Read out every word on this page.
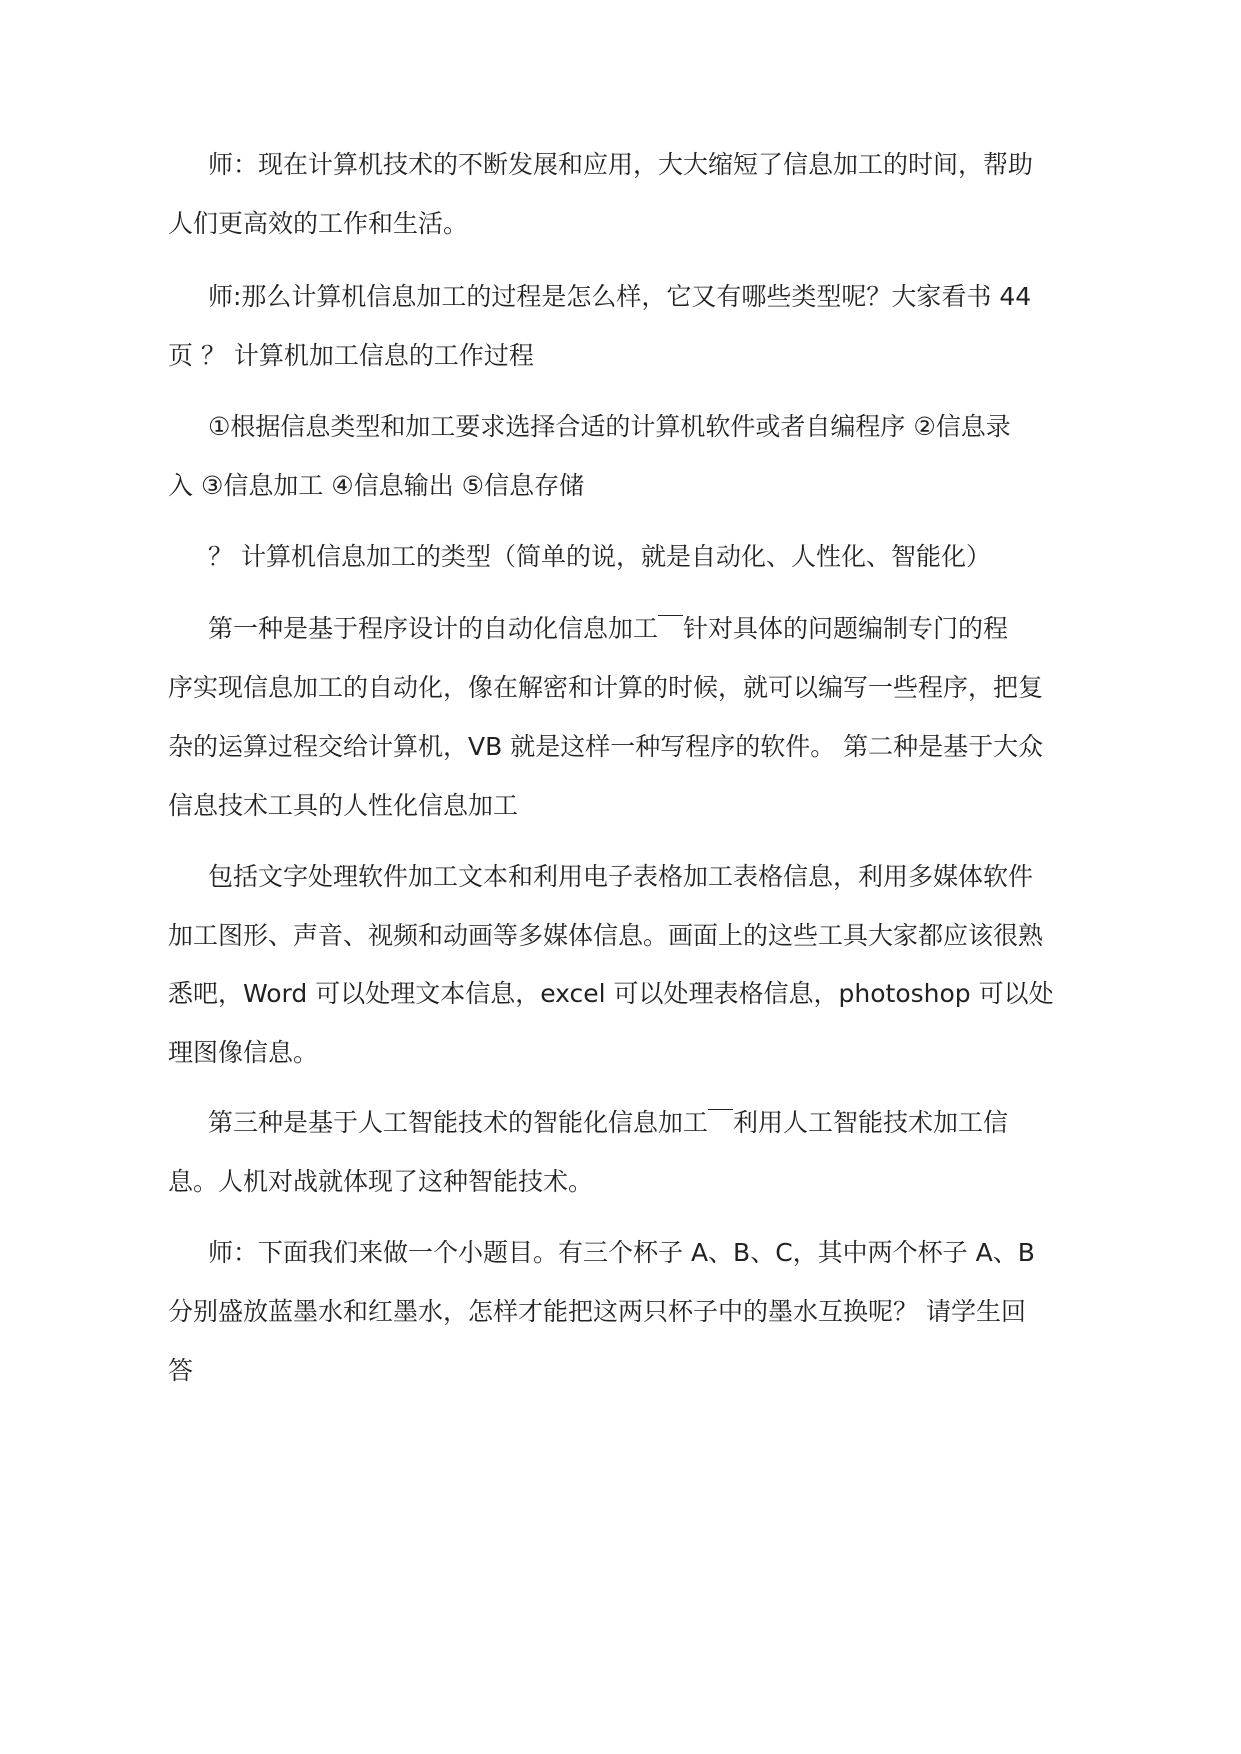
师：现在计算机技术的不断发展和应用，大大缩短了信息加工的时间，帮助
人们更高效的工作和生活。
师:那么计算机信息加工的过程是怎么样，它又有哪些类型呢？大家看书 44
页 ？ 计算机加工信息的工作过程
①根据信息类型和加工要求选择合适的计算机软件或者自编程序 ②信息录
入 ③信息加工 ④信息输出 ⑤信息存储
？ 计算机信息加工的类型（简单的说，就是自动化、人性化、智能化）
第一种是基于程序设计的自动化信息加工￣针对具体的问题编制专门的程
序实现信息加工的自动化，像在解密和计算的时候，就可以编写一些程序，把复
杂的运算过程交给计算机，VB 就是这样一种写程序的软件。 第二种是基于大众
信息技术工具的人性化信息加工
包括文字处理软件加工文本和利用电子表格加工表格信息，利用多媒体软件
加工图形、声音、视频和动画等多媒体信息。画面上的这些工具大家都应该很熟
悉吧，Word 可以处理文本信息，excel 可以处理表格信息，photoshop 可以处
理图像信息。
第三种是基于人工智能技术的智能化信息加工￣利用人工智能技术加工信
息。人机对战就体现了这种智能技术。
师：下面我们来做一个小题目。有三个杯子 A、B、C，其中两个杯子 A、B
分别盛放蓝墨水和红墨水，怎样才能把这两只杯子中的墨水互换呢？ 请学生回
答
